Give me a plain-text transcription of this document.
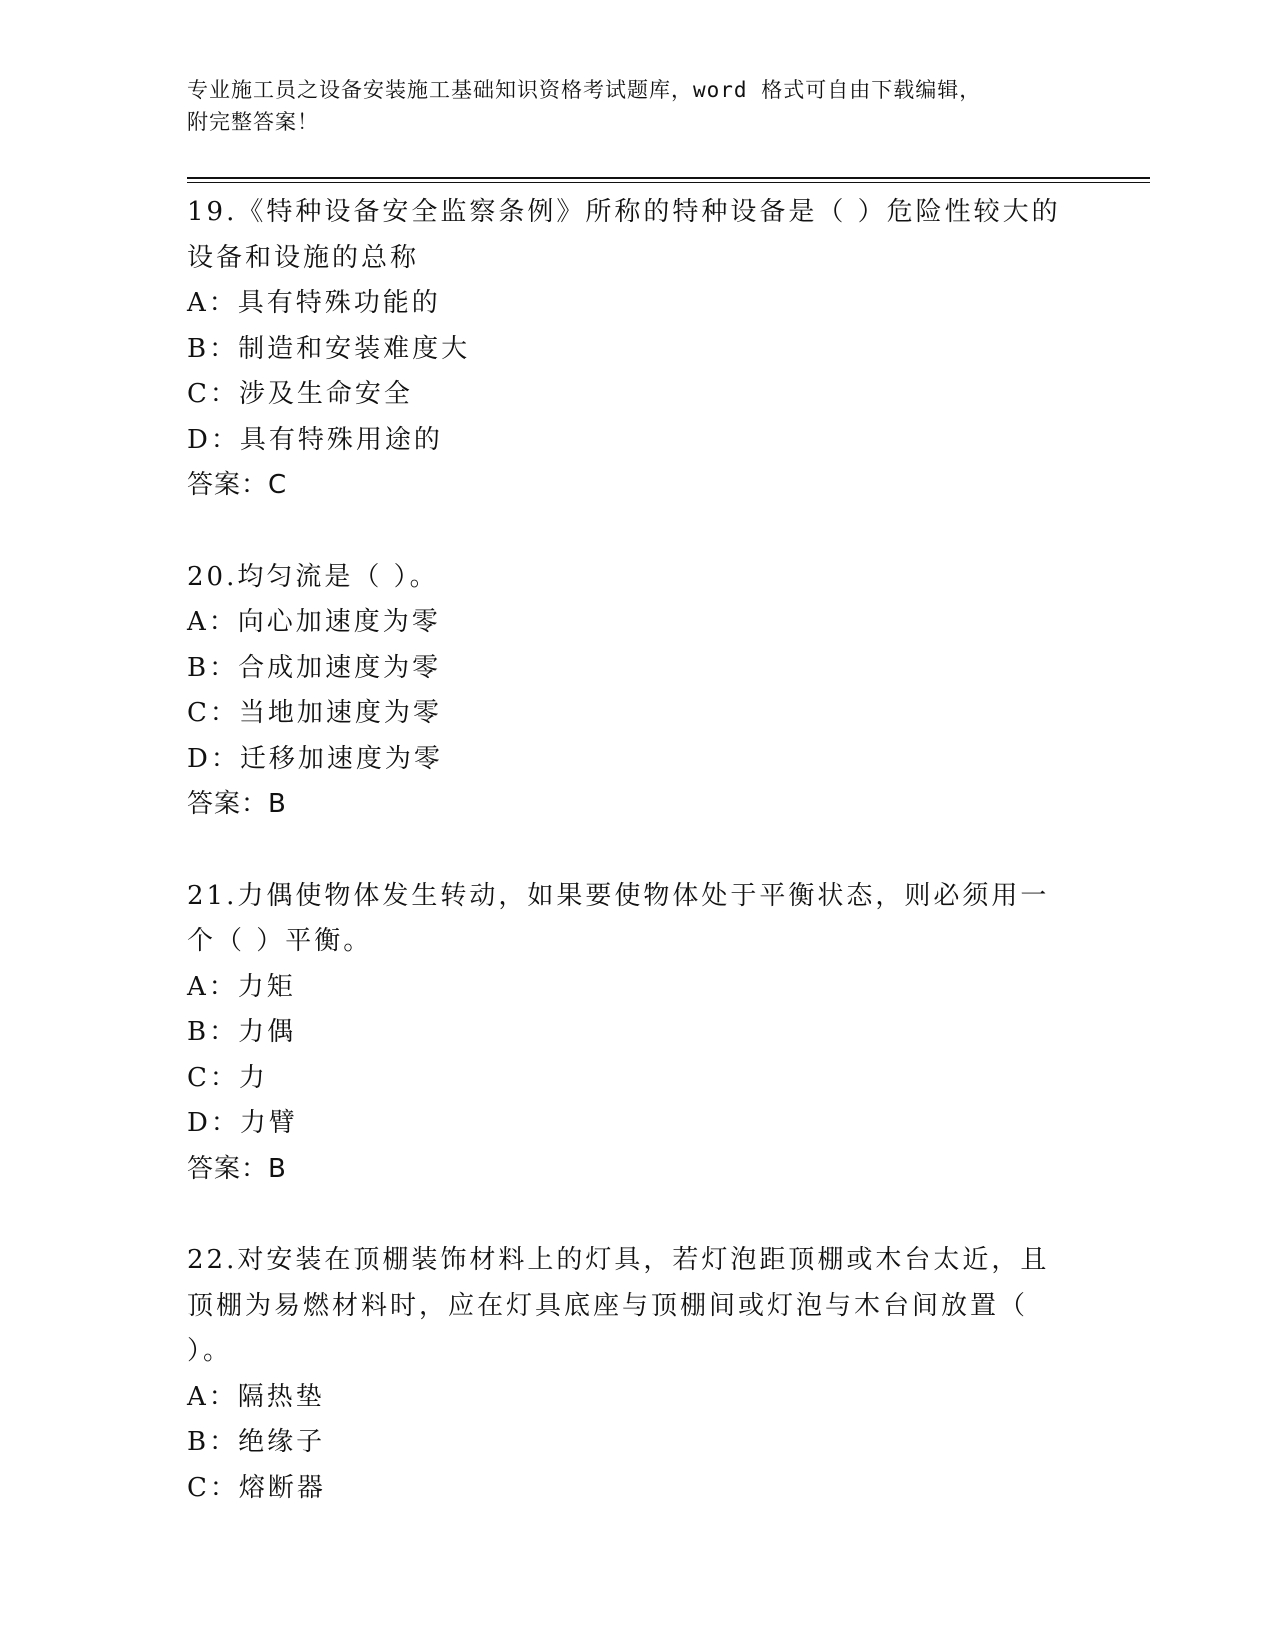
专业施工员之设备安装施工基础知识资格考试题库，word 格式可自由下载编辑，
附完整答案！
19.《特种设备安全监察条例》所称的特种设备是（ ）危险性较大的设备和设施的总称
A：具有特殊功能的
B：制造和安装难度大
C：涉及生命安全
D：具有特殊用途的
答案：C
20.均匀流是（ ）。
A：向心加速度为零
B：合成加速度为零
C：当地加速度为零
D：迁移加速度为零
答案：B
21.力偶使物体发生转动，如果要使物体处于平衡状态，则必须用一个（ ）平衡。
A：力矩
B：力偶
C：力
D：力臂
答案：B
22.对安装在顶棚装饰材料上的灯具，若灯泡距顶棚或木台太近，且顶棚为易燃材料时，应在灯具底座与顶棚间或灯泡与木台间放置（ ）。
A：隔热垫
B：绝缘子
C：熔断器
